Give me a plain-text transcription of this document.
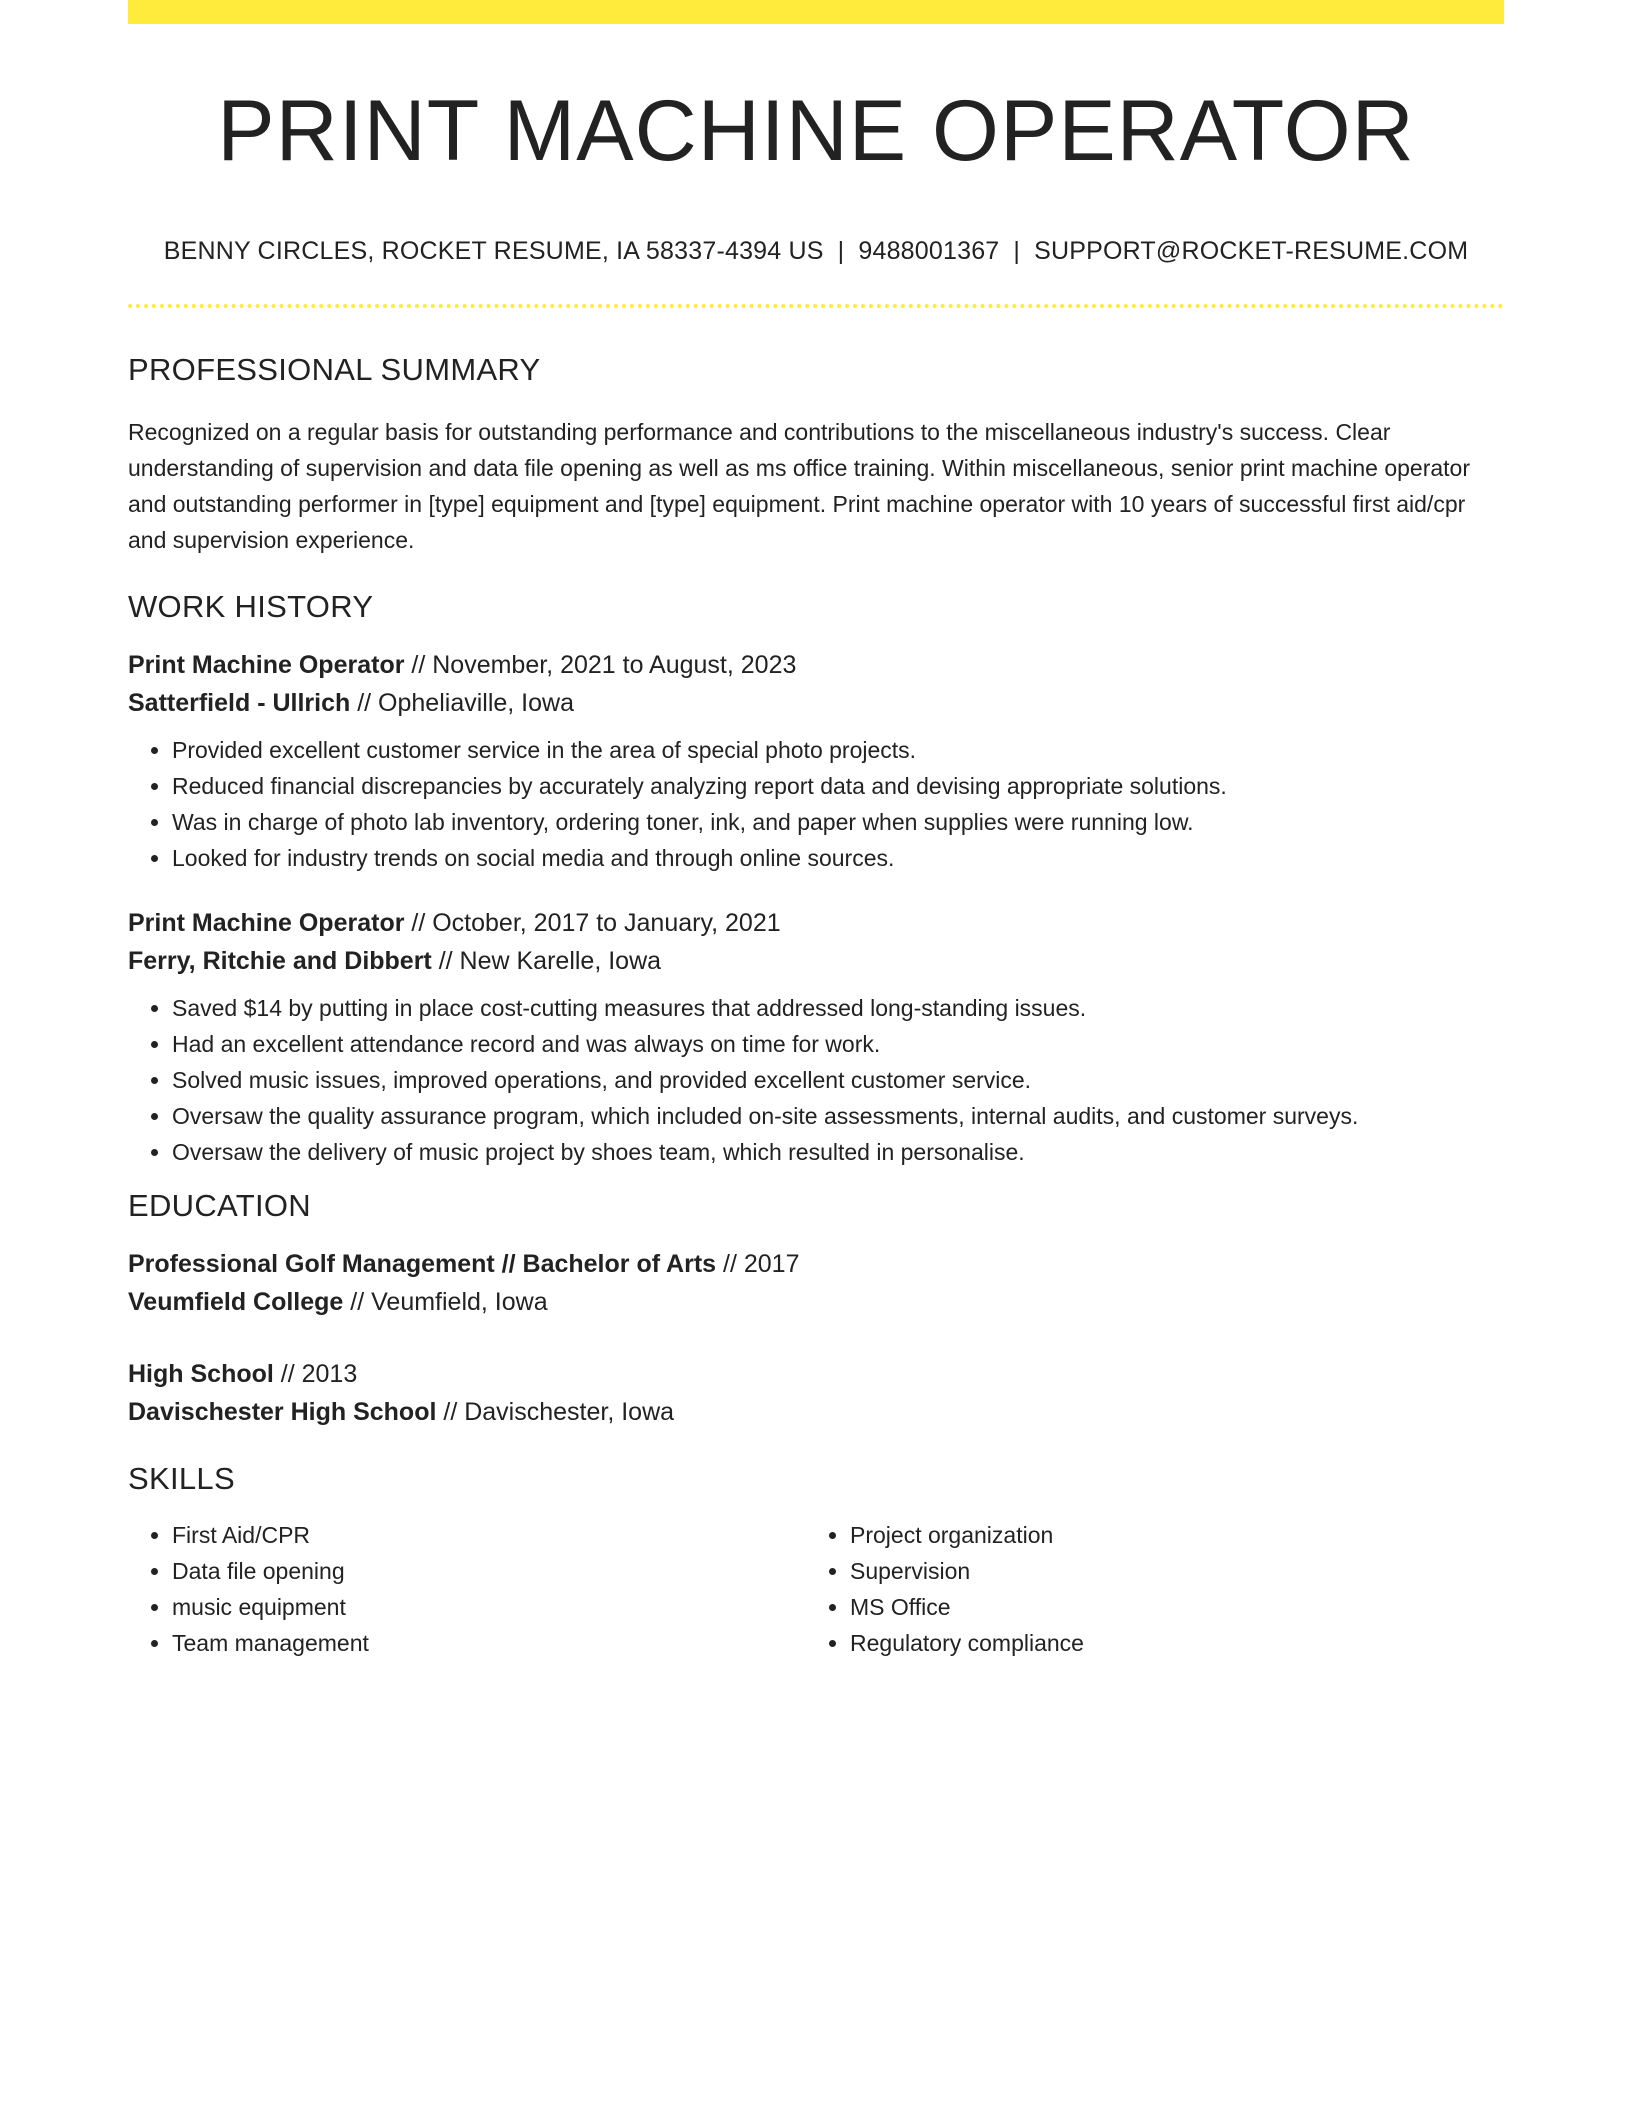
PRINT MACHINE OPERATOR
BENNY CIRCLES, ROCKET RESUME, IA 58337-4394 US | 9488001367 | SUPPORT@ROCKET-RESUME.COM
PROFESSIONAL SUMMARY
Recognized on a regular basis for outstanding performance and contributions to the miscellaneous industry's success. Clear understanding of supervision and data file opening as well as ms office training. Within miscellaneous, senior print machine operator and outstanding performer in [type] equipment and [type] equipment. Print machine operator with 10 years of successful first aid/cpr and supervision experience.
WORK HISTORY
Print Machine Operator // November, 2021 to August, 2023
Satterfield - Ullrich // Opheliaville, Iowa
• Provided excellent customer service in the area of special photo projects.
• Reduced financial discrepancies by accurately analyzing report data and devising appropriate solutions.
• Was in charge of photo lab inventory, ordering toner, ink, and paper when supplies were running low.
• Looked for industry trends on social media and through online sources.
Print Machine Operator // October, 2017 to January, 2021
Ferry, Ritchie and Dibbert // New Karelle, Iowa
• Saved $14 by putting in place cost-cutting measures that addressed long-standing issues.
• Had an excellent attendance record and was always on time for work.
• Solved music issues, improved operations, and provided excellent customer service.
• Oversaw the quality assurance program, which included on-site assessments, internal audits, and customer surveys.
• Oversaw the delivery of music project by shoes team, which resulted in personalise.
EDUCATION
Professional Golf Management // Bachelor of Arts // 2017
Veumfield College // Veumfield, Iowa
High School // 2013
Davischester High School // Davischester, Iowa
SKILLS
• First Aid/CPR
• Data file opening
• music equipment
• Team management
• Project organization
• Supervision
• MS Office
• Regulatory compliance
